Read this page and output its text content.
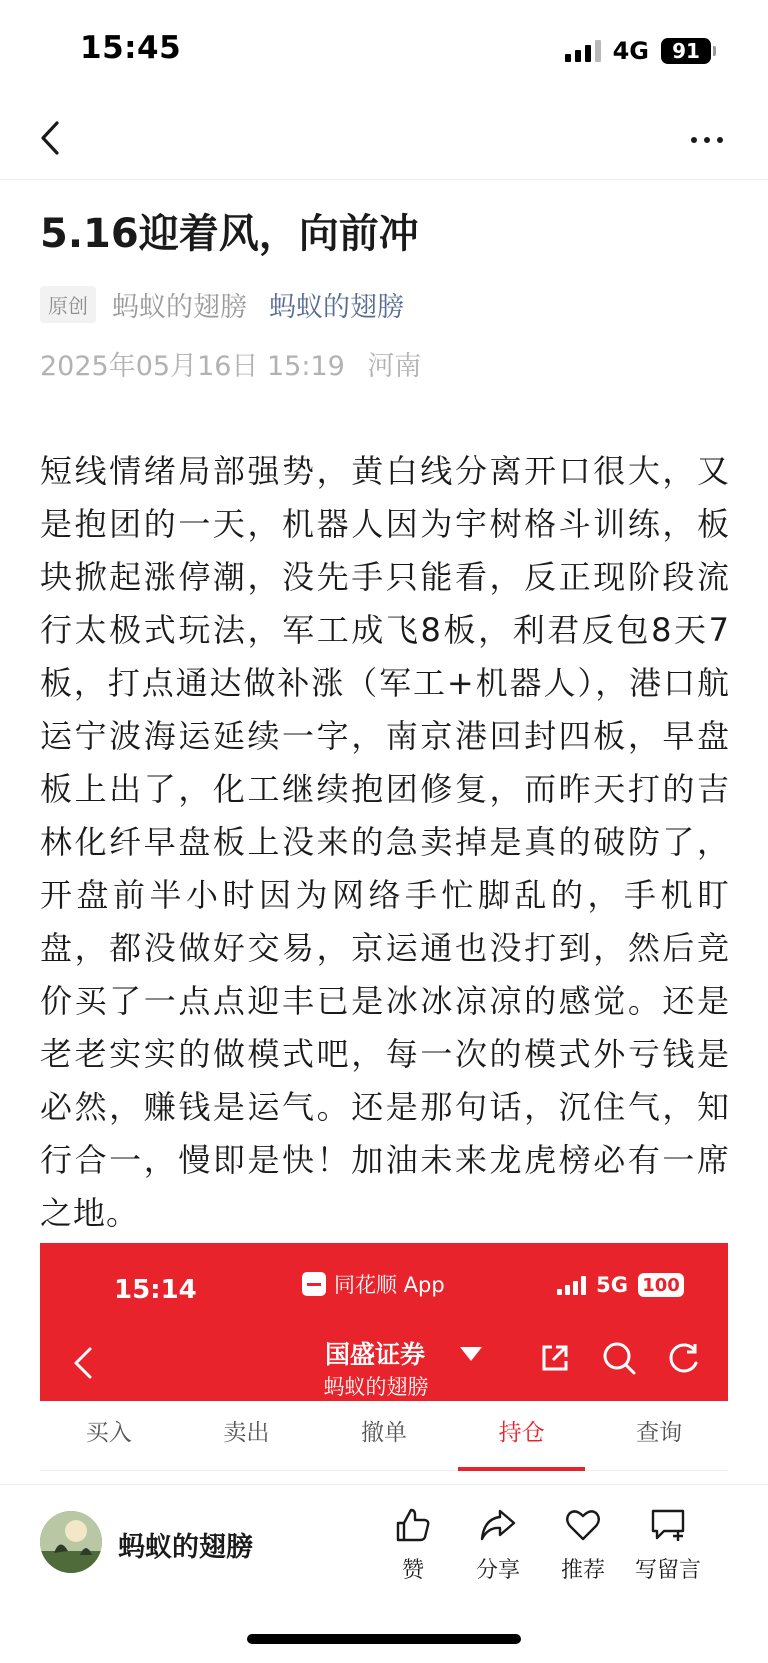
15:45	4G	91
5.16迎着风，向前冲
原创 蚂蚁的翅膀 蚂蚁的翅膀
2025年05月16日 15:19 河南
短线情绪局部强势，黄白线分离开口很大，又是抱团的一天，机器人因为宇树格斗训练，板块掀起涨停潮，没先手只能看，反正现阶段流行太极式玩法，军工成飞8板，利君反包8天7板，打点通达做补涨（军工+机器人），港口航运宁波海运延续一字，南京港回封四板，早盘板上出了，化工继续抱团修复，而昨天打的吉林化纤早盘板上没来的急卖掉是真的破防了，开盘前半小时因为网络手忙脚乱的，手机盯盘，都没做好交易，京运通也没打到，然后竞价买了一点点迎丰已是冰冰凉凉的感觉。还是老老实实的做模式吧，每一次的模式外亏钱是必然，赚钱是运气。还是那句话，沉住气，知行合一，慢即是快！加油未来龙虎榜必有一席之地。
15:14	同花顺 App	5G 100
国盛证券
蚂蚁的翅膀
买入	卖出	撤单	持仓	查询
蚂蚁的翅膀
赞	分享	推荐	写留言
